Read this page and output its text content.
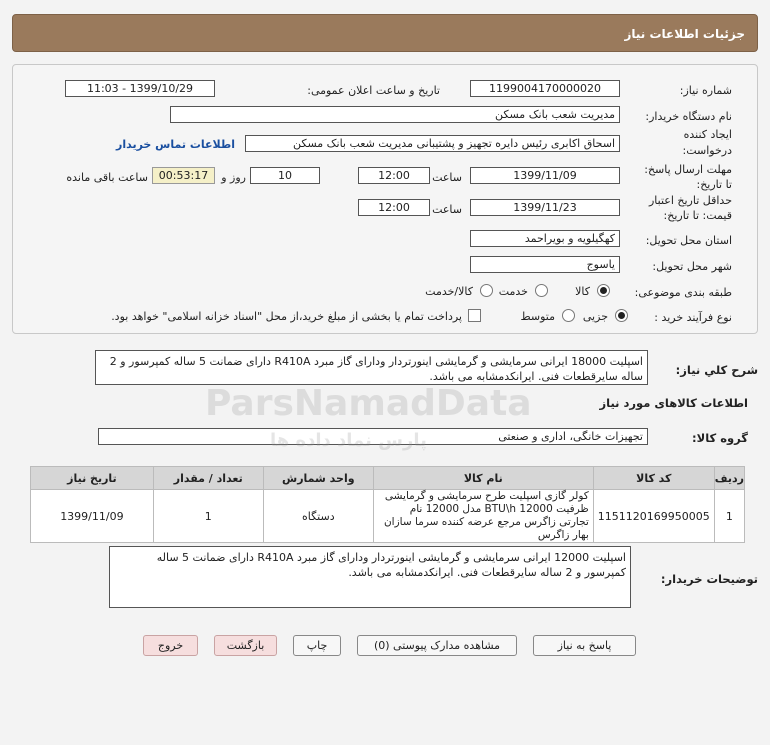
جزئیات اطلاعات نیاز
شماره نیاز:
1199004170000020
تاریخ و ساعت اعلان عمومی:
1399/10/29 - 11:03
نام دستگاه خریدار:
مدیریت شعب بانک مسکن
ایجاد کننده
درخواست:
اسحاق اکابری رئیس دایره تجهیز و پشتیبانی مدیریت شعب بانک مسکن
اطلاعات تماس خریدار
مهلت ارسال پاسخ:
تا تاریخ:
1399/11/09
ساعت
12:00
10
روز و
00:53:17
ساعت باقی مانده
حداقل تاریخ اعتبار
قیمت: تا تاریخ:
1399/11/23
ساعت
12:00
استان محل تحویل:
کهگیلویه و بویراحمد
شهر محل تحویل:
یاسوج
طبقه بندی موضوعی:
کالا
خدمت
کالا/خدمت
نوع فرآیند خرید :
جزیی
متوسط
پرداخت تمام یا بخشی از مبلغ خرید،از محل "اسناد خزانه اسلامی" خواهد بود.
شرح كلي نياز:
اسپلیت 18000 ایرانی سرمایشی و گرمایشی اینورتردار ودارای گاز مبرد R410A دارای ضمانت 5 ساله کمپرسور و 2 ساله سایرقطعات فنی. ایرانکدمشابه می باشد.
اطلاعات کالاهای مورد نیاز
گروه کالا:
تجهیزات خانگی، اداری و صنعتی
ردیف	کد کالا	نام کالا	واحد شمارش	تعداد / مقدار	تاریخ نیاز
1	1151120169950005	کولر گازی اسپلیت طرح سرمایشی و گرمایشی ظرفیت 12000 BTU\h مدل 12000 نام تجارتی زاگرس مرجع عرضه کننده سرما سازان بهار زاگرس	دستگاه	1	1399/11/09
توضیحات خریدار:
اسپلیت 12000 ایرانی سرمایشی و گرمایشی اینورتردار ودارای گاز مبرد R410A دارای ضمانت 5 ساله کمپرسور و 2 ساله سایرقطعات فنی. ایرانکدمشابه می باشد.
پاسخ به نیاز
مشاهده مدارک پیوستی (0)
چاپ
بازگشت
خروج
ParsNamadData
پارس نماد داده ها
